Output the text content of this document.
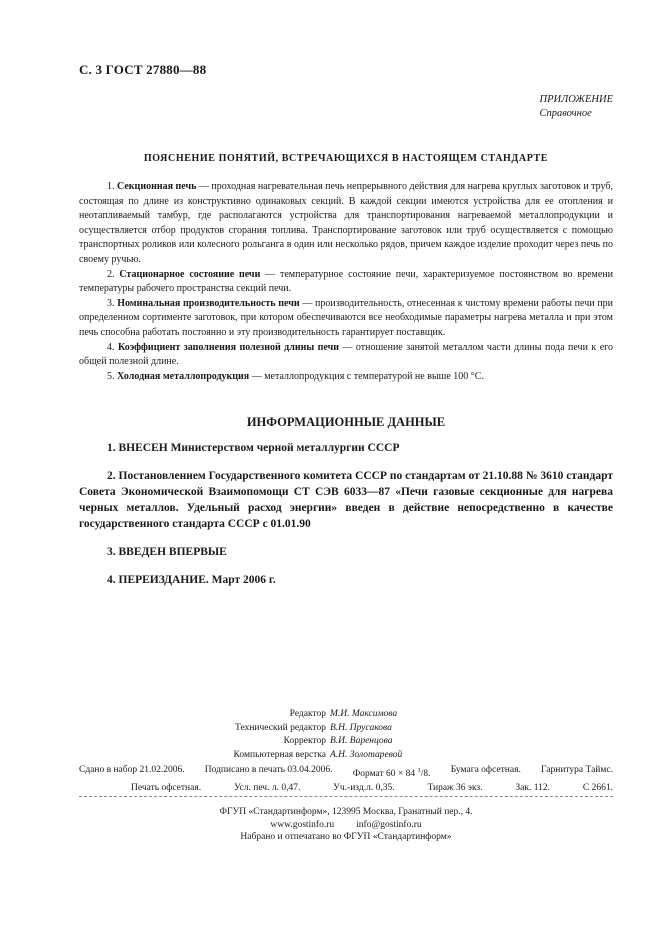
С. 3 ГОСТ 27880—88
ПРИЛОЖЕНИЕ

Справочное
ПОЯСНЕНИЕ ПОНЯТИЙ, ВСТРЕЧАЮЩИХСЯ В НАСТОЯЩЕМ СТАНДАРТЕ

1. Секционная печь — проходная нагревательная печь непрерывного действия для нагрева круглых заготовок и труб, состоящая по длине из конструктивно одинаковых секций. В каждой секции имеются устройства для ее отопления и неотапливаемый тамбур, где располагаются устройства для транспортирования нагреваемой металлопродукции и осуществляется отбор продуктов сгорания топлива. Транспортирование заготовок или труб осуществляется с помощью транспортных роликов или колесного рольганга в один или несколько рядов, причем каждое изделие проходит через печь по своему ручью.

2. Стационарное состояние печи — температурное состояние печи, характеризуемое постоянством во времени температуры рабочего пространства секций печи.

3. Номинальная производительность печи — производительность, отнесенная к чистому времени работы печи при определенном сортименте заготовок, при котором обеспечиваются все необходимые параметры нагрева металла и при этом печь способна работать постоянно и эту производительность гарантирует поставщик.

4. Коэффициент заполнения полезной длины печи — отношение занятой металлом части длины пода печи к его общей полезной длине.

5. Холодная металлопродукция — металлопродукция с температурой не выше 100 °С.

ИНФОРМАЦИОННЫЕ ДАННЫЕ

1. ВНЕСЕН Министерством черной металлургии СССР

2. Постановлением Государственного комитета СССР по стандартам от 21.10.88 № 3610 стандарт Совета Экономической Взаимопомощи СТ СЭВ 6033—87 «Печи газовые секционные для нагрева черных металлов. Удельный расход энергии» введен в действие непосредственно в качестве государственного стандарта СССР с 01.01.90

3. ВВЕДЕН ВПЕРВЫЕ

4. ПЕРЕИЗДАНИЕ. Март 2006 г.

Редактор М.И. Максимова
Технический редактор В.Н. Прусакова
Корректор В.И. Варенцова
Компьютерная верстка А.Н. Золотаревой
Сдано в набор 21.02.2006. Подписано в печать 03.04.2006. Формат 60 × 84 $^1$/8. Бумага офсетная. Гарнитура Таймс.
Печать офсетная.	Усл. печ. л. 0,47.	Уч.-изд.л. 0,35.	Тираж 36 экз.	Зак. 112.	С 2661.
ФГУП «Стандартинформ», 123995 Москва, Гранатный пер., 4.
www.gostinfo.ru info@gostinfo.ru
Набрано и отпечатано во ФГУП «Стандартинформ»
